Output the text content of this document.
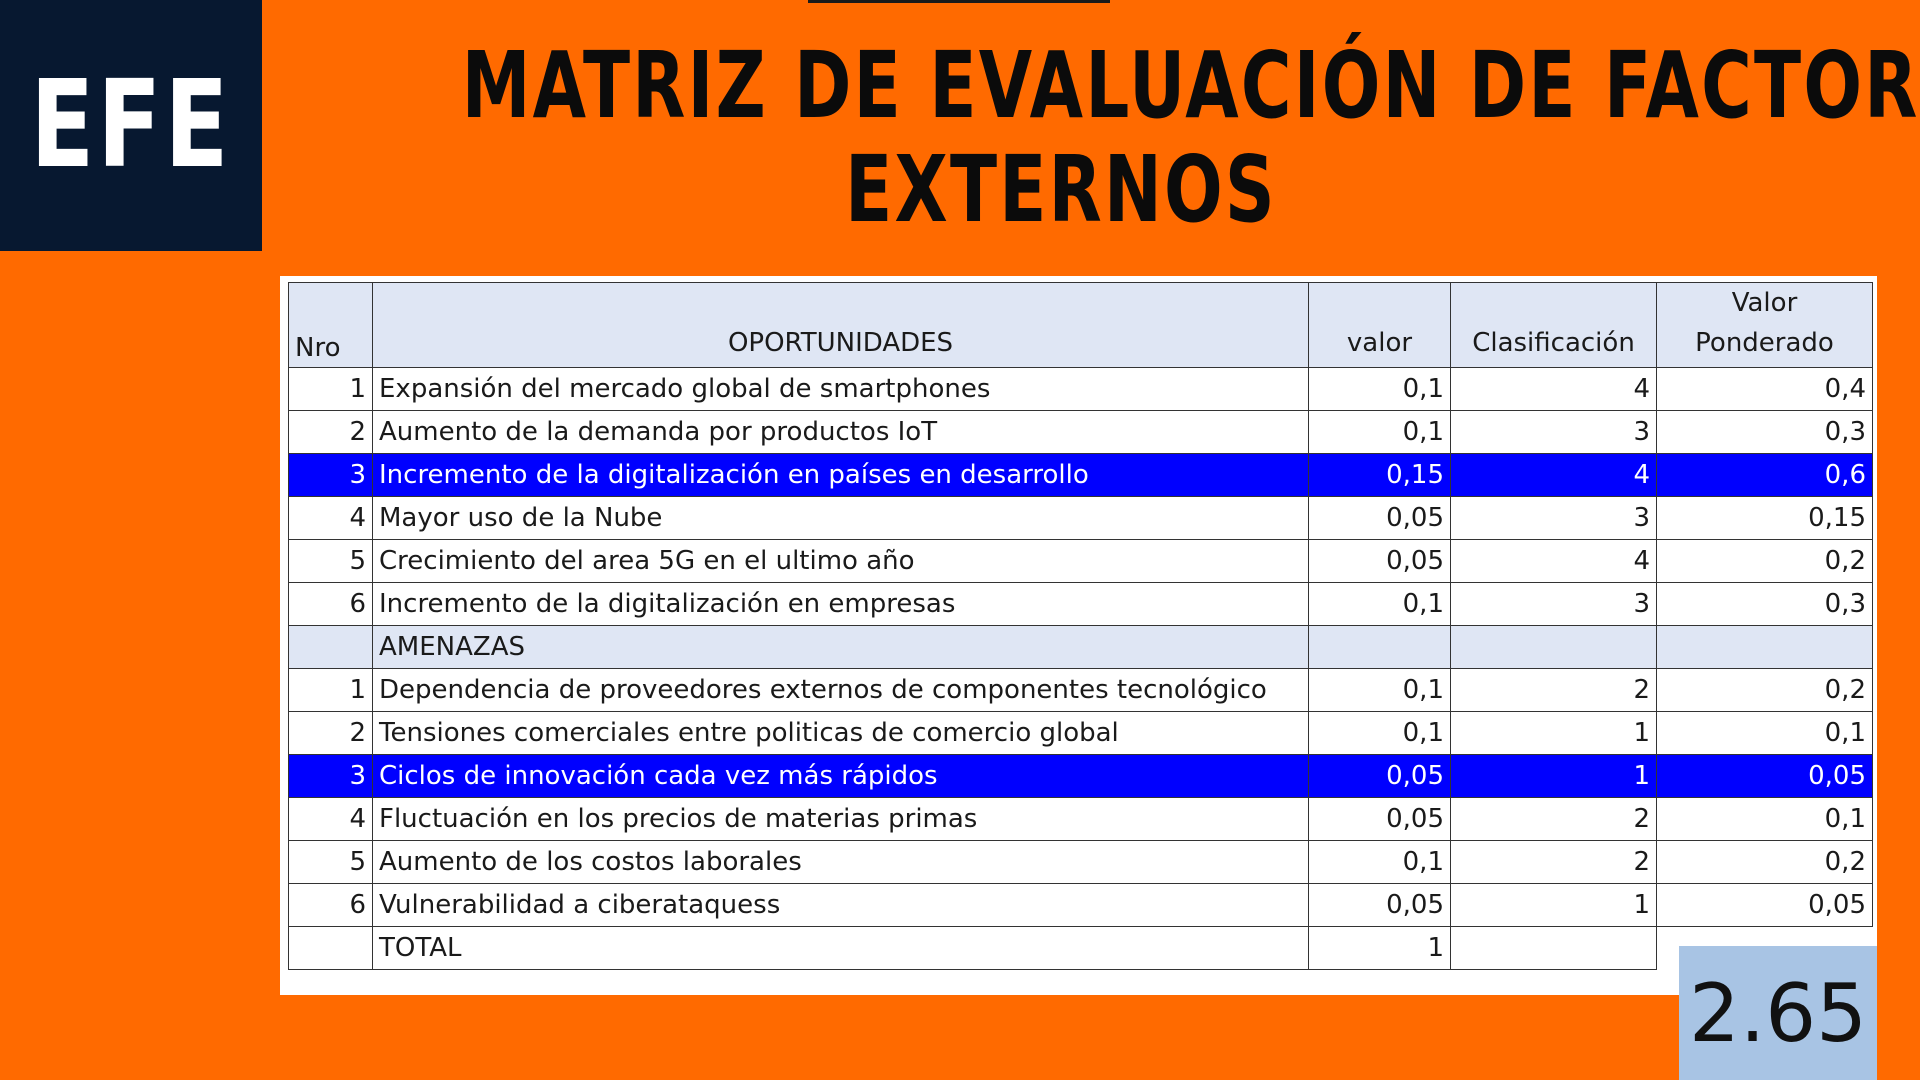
EFE	MATRIZ DE EVALUACIÓN DE FACTOR
EXTERNOS
Nro	OPORTUNIDADES	valor	Clasificación	Valor
Ponderado

1	Expansión del mercado global de smartphones	0,1	4	0,4
2	Aumento de la demanda por productos IoT	0,1	3	0,3
3	Incremento de la digitalización en países en desarrollo	0,15	4	0,6
4	Mayor uso de la Nube	0,05	3	0,15
5	Crecimiento del area 5G en el ultimo año	0,05	4	0,2
6	Incremento de la digitalización en empresas	0,1	3	0,3
	AMENAZAS			
1	Dependencia de proveedores externos de componentes tecnológico	0,1	2	0,2
2	Tensiones comerciales entre politicas de comercio global	0,1	1	0,1
3	Ciclos de innovación cada vez más rápidos	0,05	1	0,05
4	Fluctuación en los precios de materias primas	0,05	2	0,1
5	Aumento de los costos laborales	0,1	2	0,2
6	Vulnerabilidad a ciberataquess	0,05	1	0,05
	TOTAL	1		
2.65
